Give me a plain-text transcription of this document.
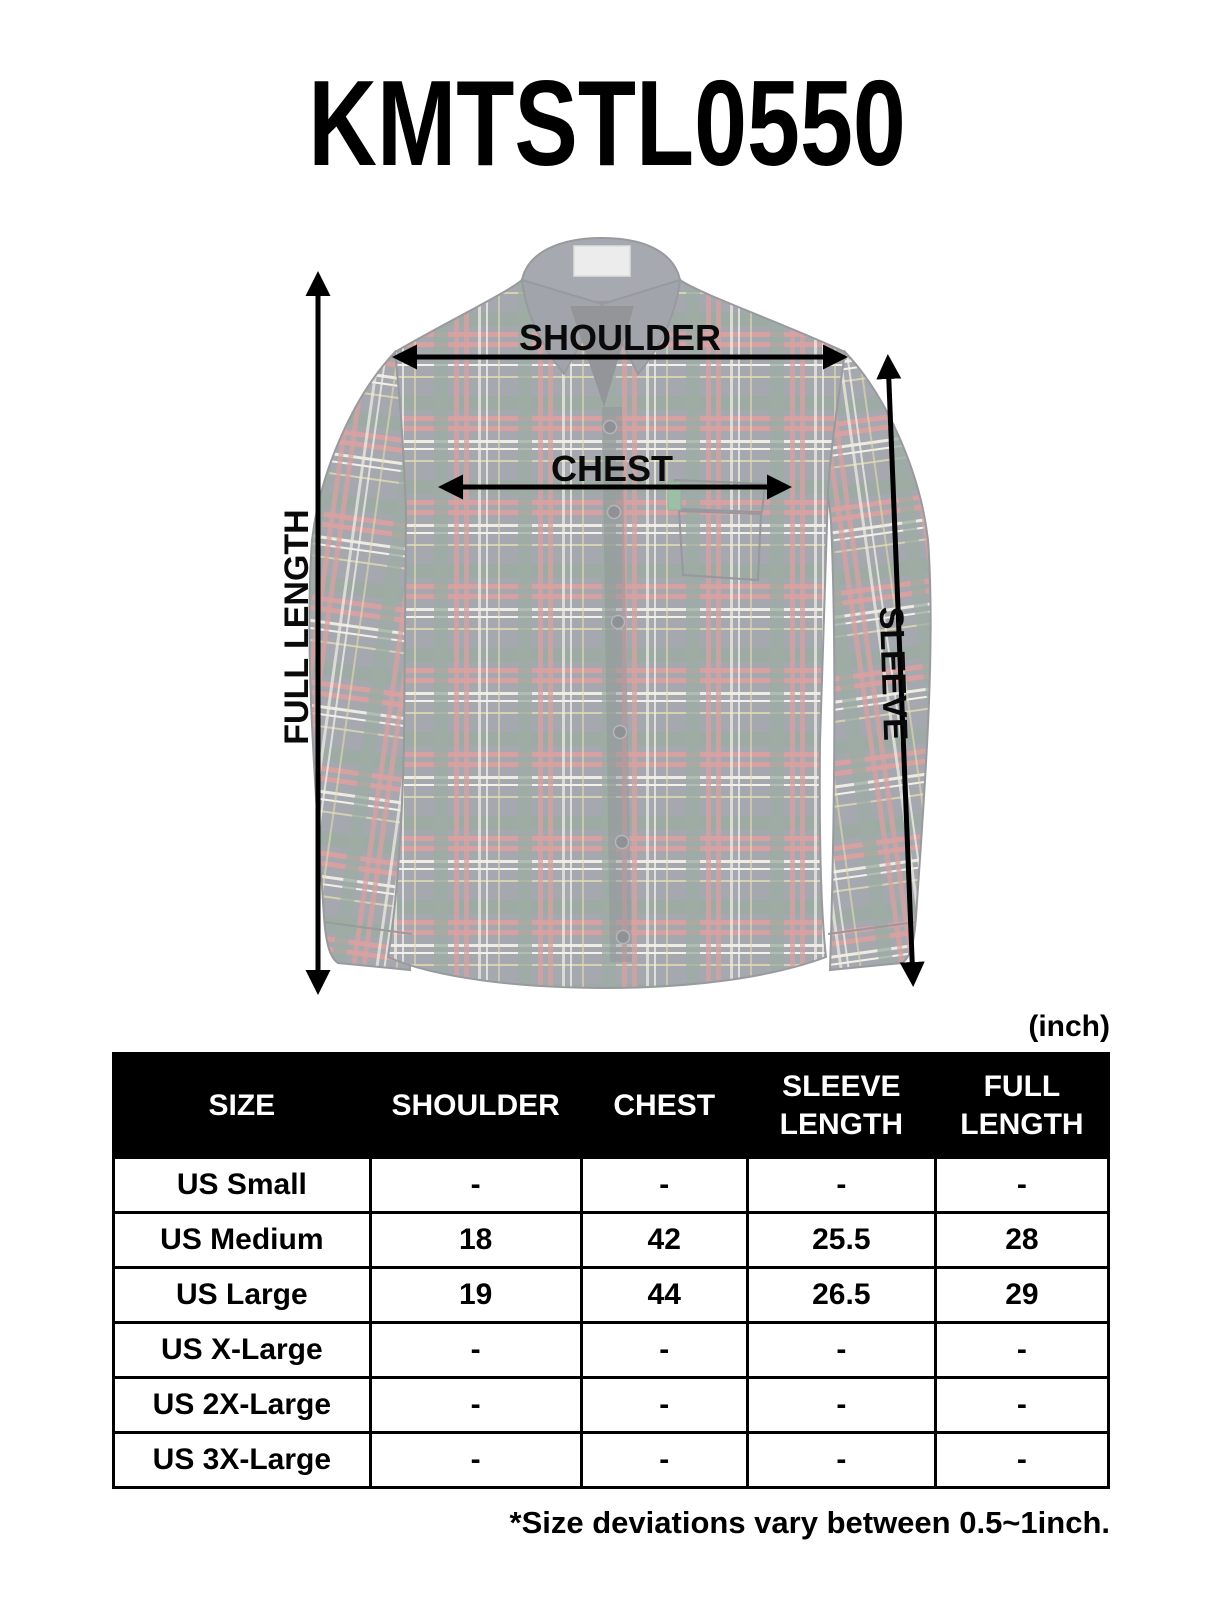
KMTSTL0550
SHOULDER
CHEST
FULL LENGTH	SLEEVE
(inch)
SIZE	SHOULDER	CHEST	SLEEVE LENGTH	FULL LENGTH
US Small	-	-	-	-
US Medium	18	42	25.5	28
US Large	19	44	26.5	29
US X-Large	-	-	-	-
US 2X-Large	-	-	-	-
US 3X-Large	-	-	-	-
*Size deviations vary between 0.5~1inch.
